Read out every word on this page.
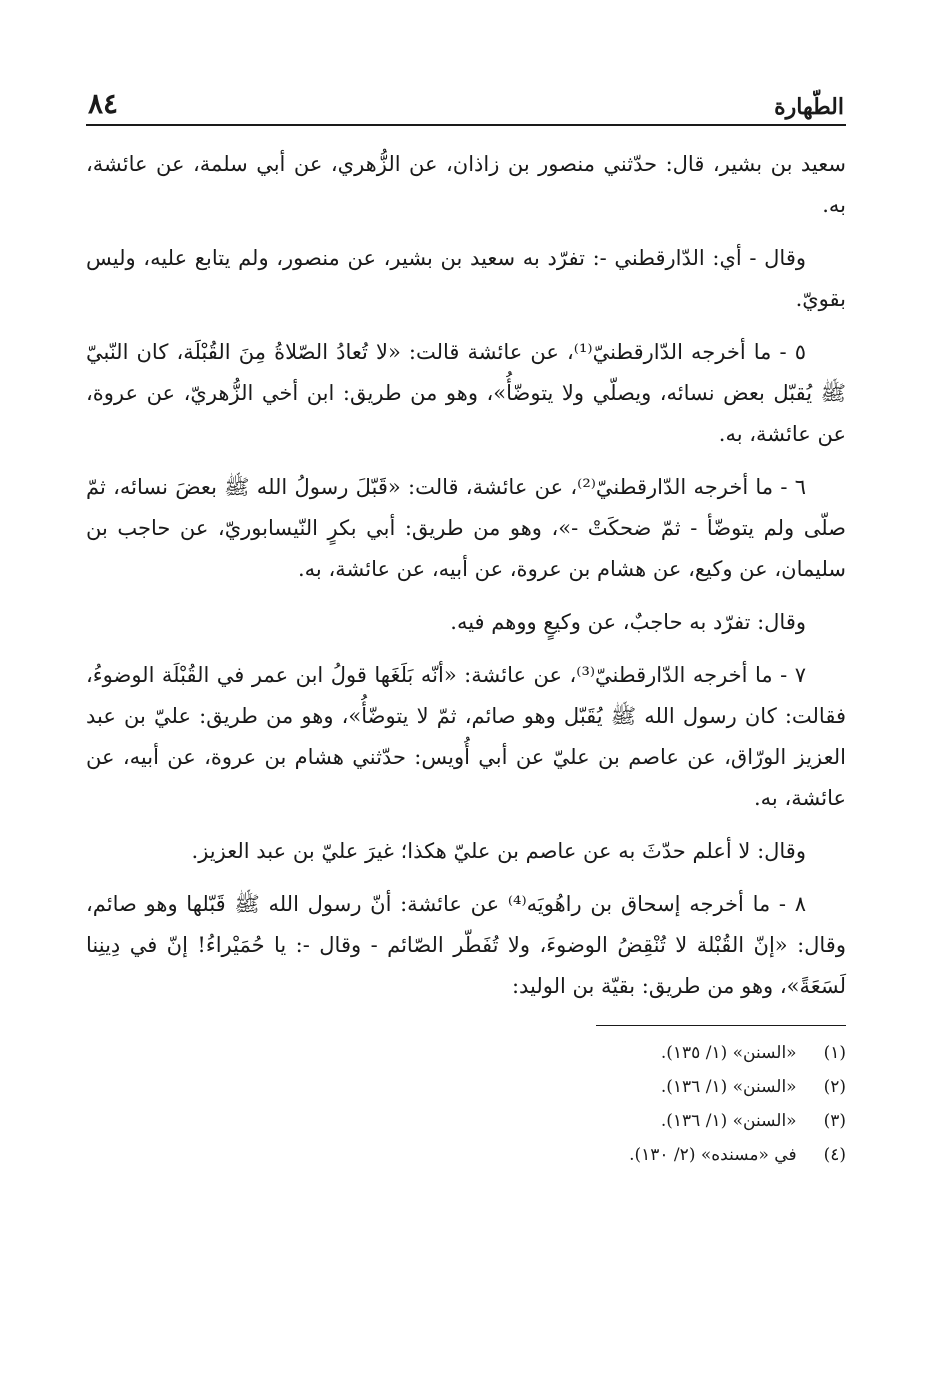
الطّهارة
٨٤

سعيد بن بشير، قال: حدّثني منصور بن زاذان، عن الزُّهري، عن أبي سلمة، عن عائشة، به.

وقال - أي: الدّارقطني -: تفرّد به سعيد بن بشير، عن منصور، ولم يتابع عليه، وليس بقويّ.

٥ - ما أخرجه الدّارقطنيّ⁽¹⁾، عن عائشة قالت: «لا تُعادُ الصّلاةُ مِنَ القُبْلَة، كان النّبيّ ﷺ يُقبّل بعض نسائه، ويصلّي ولا يتوضّأُ»، وهو من طريق: ابن أخي الزُّهريّ، عن عروة، عن عائشة، به.

٦ - ما أخرجه الدّارقطنيّ⁽²⁾، عن عائشة، قالت: «قَبّلَ رسولُ الله ﷺ بعضَ نسائه، ثمّ صلّى ولم يتوضّأ - ثمّ ضحكَتْ -»، وهو من طريق: أبي بكرٍ النّيسابوريّ، عن حاجب بن سليمان، عن وكيع، عن هشام بن عروة، عن أبيه، عن عائشة، به.

وقال: تفرّد به حاجبٌ، عن وكيعٍ ووهم فيه.

٧ - ما أخرجه الدّارقطنيّ⁽³⁾، عن عائشة: «أنّه بَلَغَها قولُ ابن عمر في القُبْلَة الوضوءُ، فقالت: كان رسول الله ﷺ يُقَبّل وهو صائم، ثمّ لا يتوضّأُ»، وهو من طريق: عليّ بن عبد العزيز الورّاق، عن عاصم بن عليّ عن أبي أُويس: حدّثني هشام بن عروة، عن أبيه، عن عائشة، به.

وقال: لا أعلم حدّثَ به عن عاصم بن عليّ هكذا؛ غيرَ عليّ بن عبد العزيز.

٨ - ما أخرجه إسحاق بن راهُويَه⁽⁴⁾ عن عائشة: أنّ رسول الله ﷺ قَبّلها وهو صائم، وقال: «إنّ القُبْلة لا تُنْقِضُ الوضوءَ، ولا تُفَطّر الصّائم - وقال -: يا حُمَيْراءُ! إنّ في دِينِنا لَسَعَةً»، وهو من طريق: بقيّة بن الوليد:

(١) «السنن» (١/ ١٣٥).

(٢) «السنن» (١/ ١٣٦).

(٣) «السنن» (١/ ١٣٦).

(٤) في «مسنده» (٢/ ١٣٠).
